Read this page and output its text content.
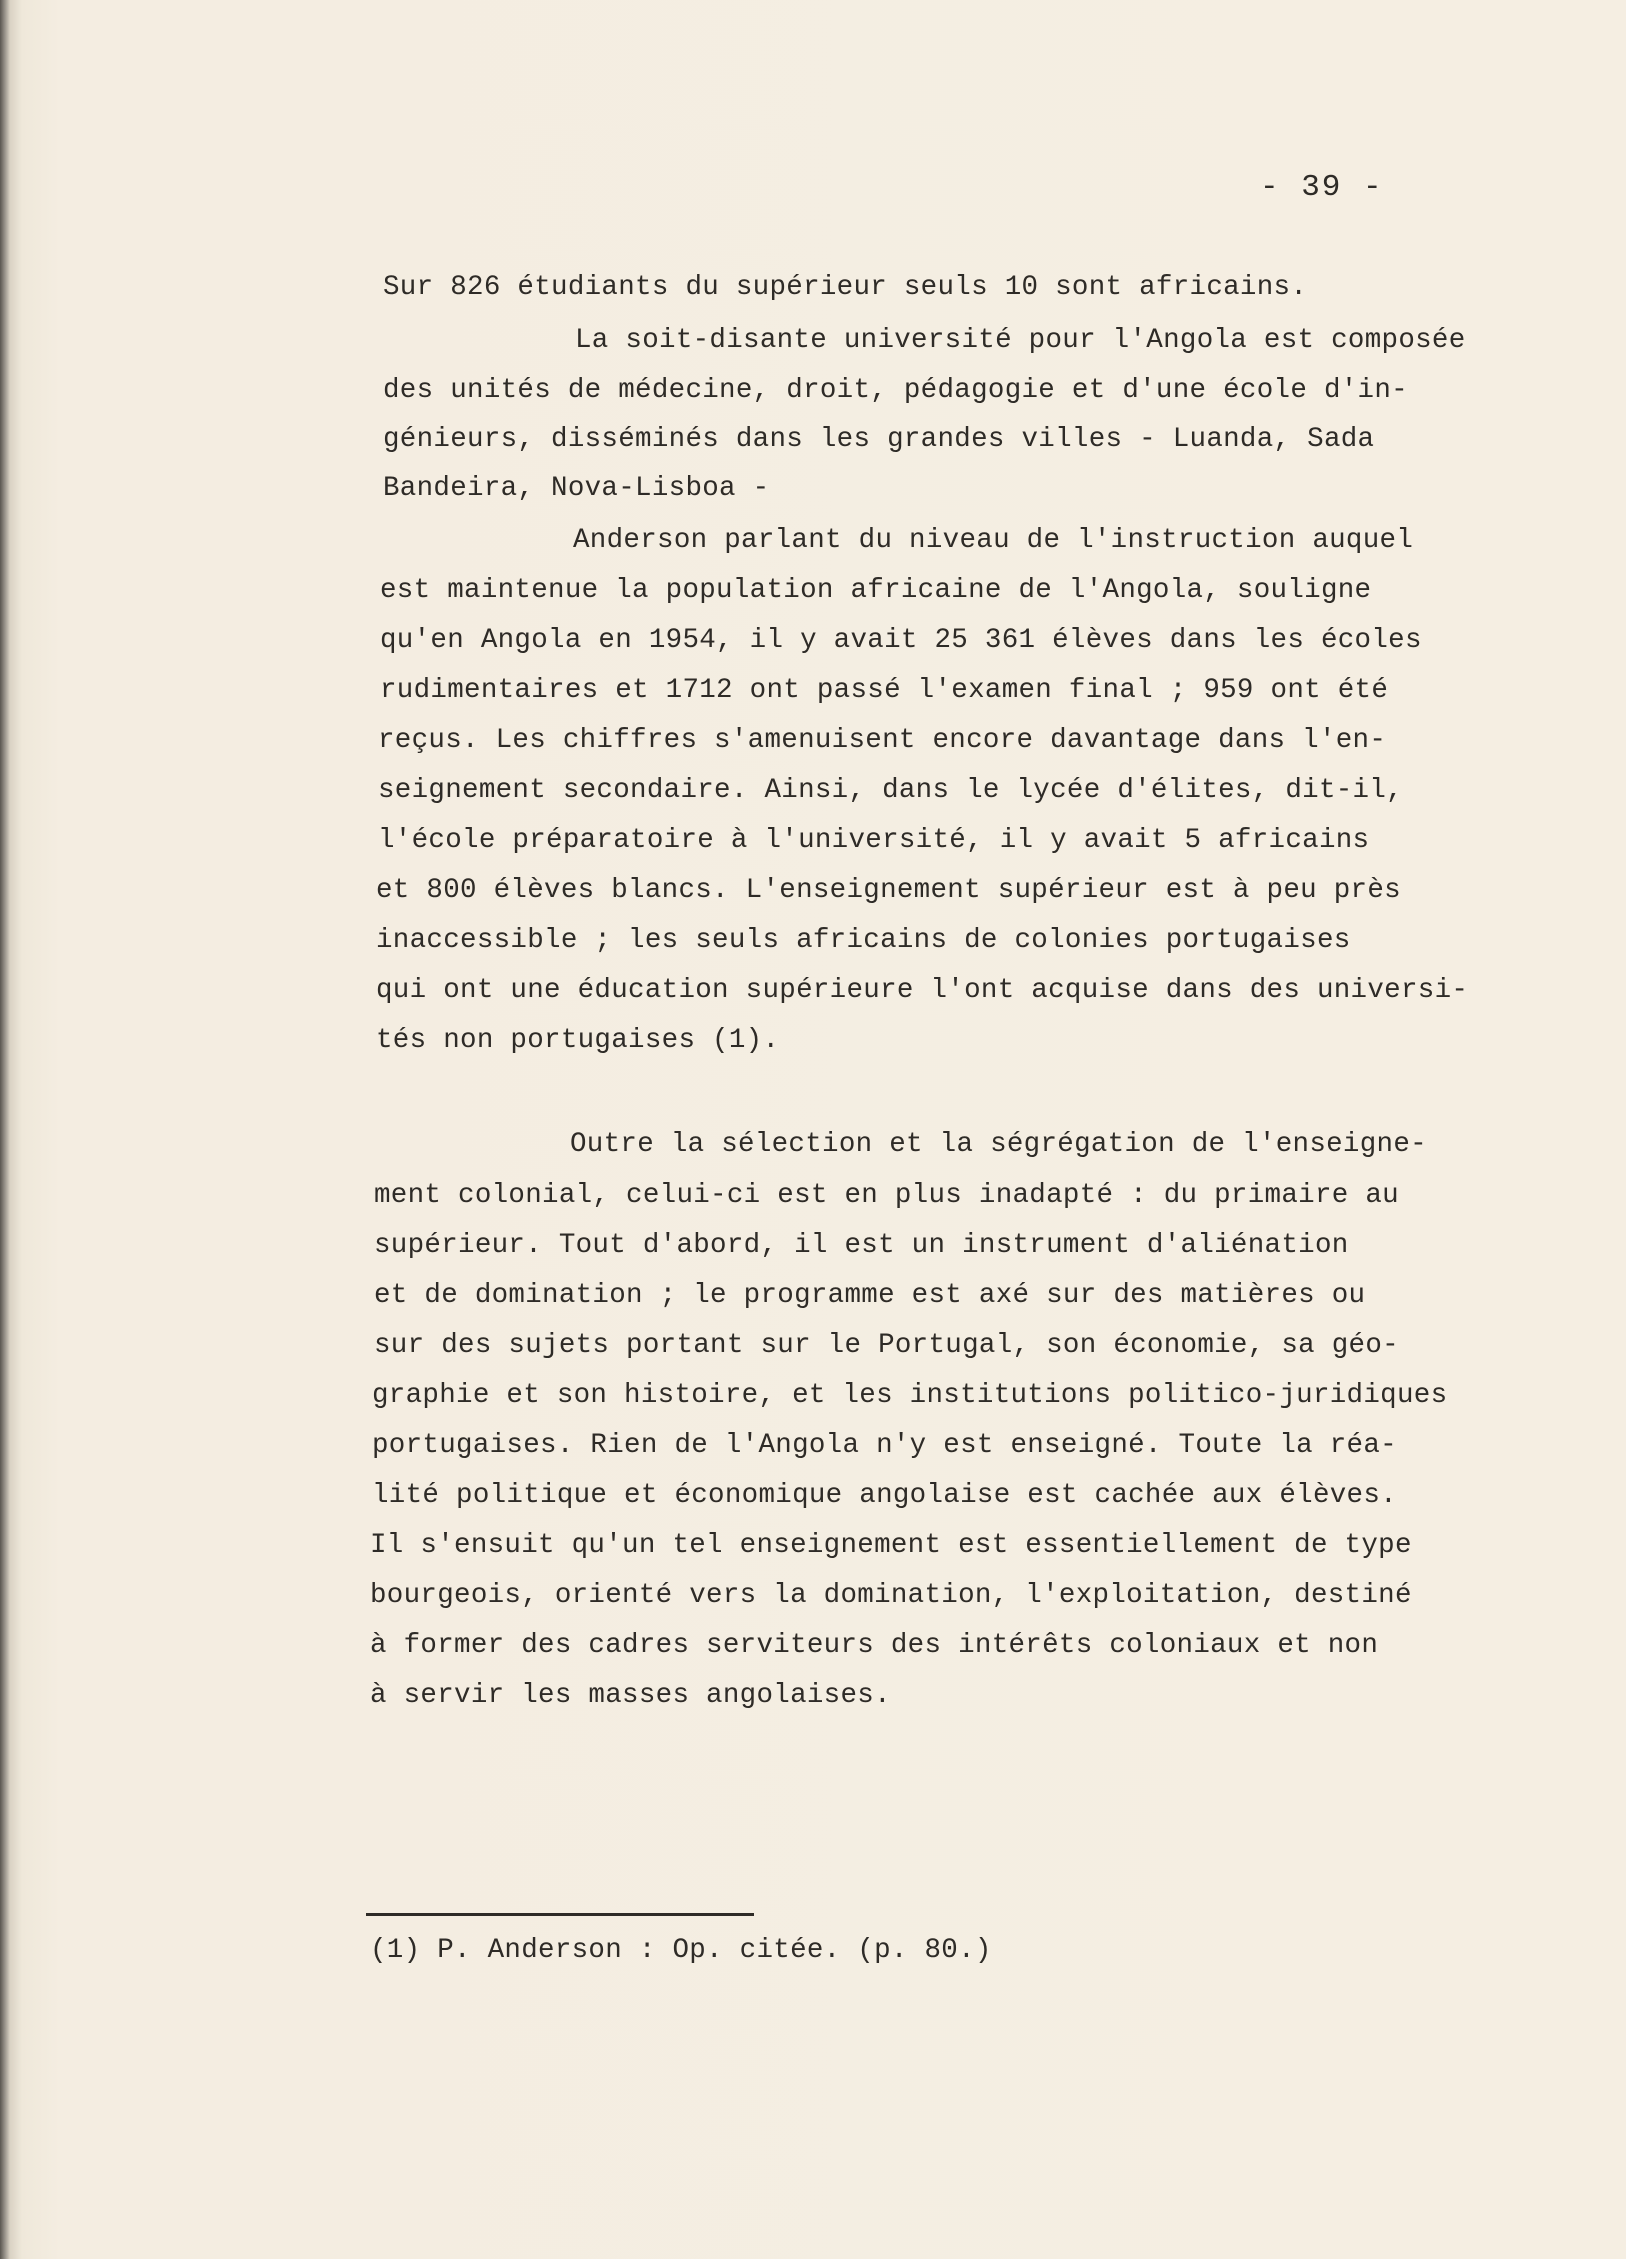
- 39 -
Sur 826 étudiants du supérieur seuls 10 sont africains.
La soit-disante université pour l'Angola est composée
des unités de médecine, droit, pédagogie et d'une école d'in-
génieurs, disséminés dans les grandes villes - Luanda, Sada
Bandeira, Nova-Lisboa -
Anderson parlant du niveau de l'instruction auquel
est maintenue la population africaine de l'Angola, souligne
qu'en Angola en 1954, il y avait 25 361 élèves dans les écoles
rudimentaires et 1712 ont passé l'examen final ; 959 ont été
reçus. Les chiffres s'amenuisent encore davantage dans l'en-
seignement secondaire. Ainsi, dans le lycée d'élites, dit-il,
l'école préparatoire à l'université, il y avait 5 africains
et 800 élèves blancs. L'enseignement supérieur est à peu près
inaccessible ; les seuls africains de colonies portugaises
qui ont une éducation supérieure l'ont acquise dans des universi-
tés non portugaises (1).
Outre la sélection et la ségrégation de l'enseigne-
ment colonial, celui-ci est en plus inadapté : du primaire au
supérieur. Tout d'abord, il est un instrument d'aliénation
et de domination ; le programme est axé sur des matières ou
sur des sujets portant sur le Portugal, son économie, sa géo-
graphie et son histoire, et les institutions politico-juridiques
portugaises. Rien de l'Angola n'y est enseigné. Toute la réa-
lité politique et économique angolaise est cachée aux élèves.
Il s'ensuit qu'un tel enseignement est essentiellement de type
bourgeois, orienté vers la domination, l'exploitation, destiné
à former des cadres serviteurs des intérêts coloniaux et non
à servir les masses angolaises.
(1) P. Anderson : Op. citée. (p. 80.)
